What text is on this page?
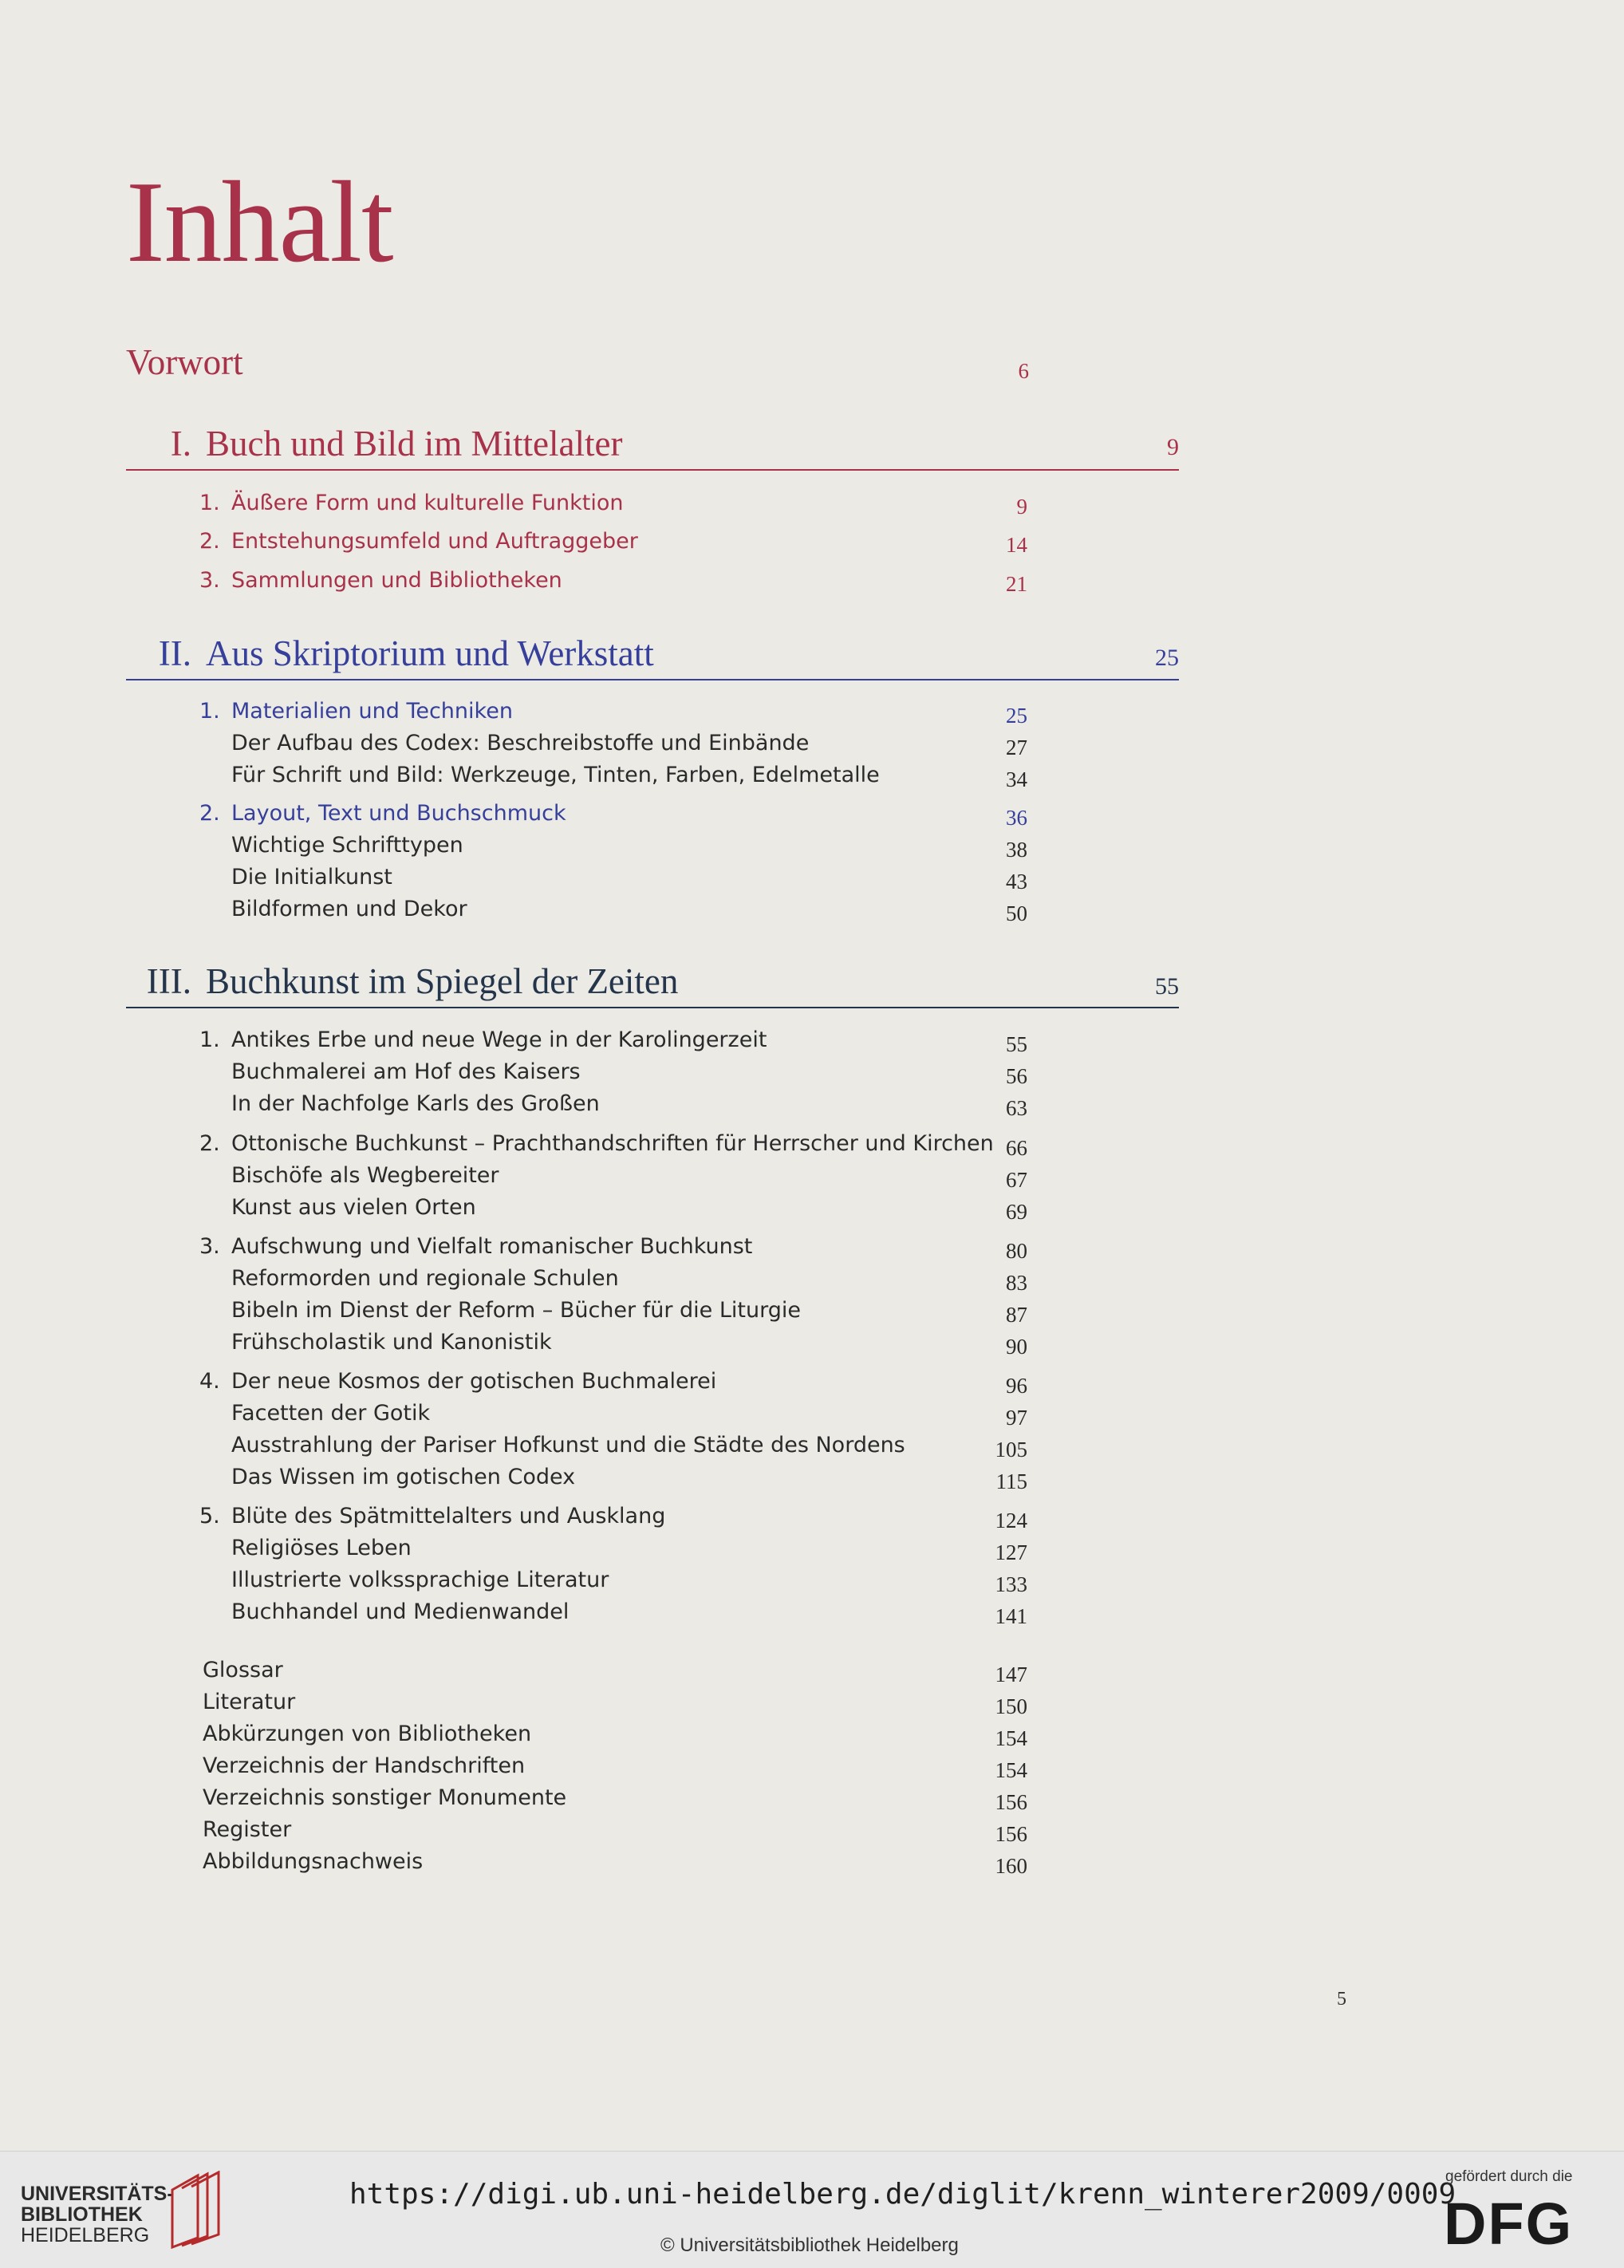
Inhalt
Vorwort	6
I. Buch und Bild im Mittelalter	9
1. Äußere Form und kulturelle Funktion	9
2. Entstehungsumfeld und Auftraggeber	14
3. Sammlungen und Bibliotheken	21
II. Aus Skriptorium und Werkstatt	25
1. Materialien und Techniken	25
Der Aufbau des Codex: Beschreibstoffe und Einbände	27
Für Schrift und Bild: Werkzeuge, Tinten, Farben, Edelmetalle	34
2. Layout, Text und Buchschmuck	36
Wichtige Schrifttypen	38
Die Initialkunst	43
Bildformen und Dekor	50
III. Buchkunst im Spiegel der Zeiten	55
1. Antikes Erbe und neue Wege in der Karolingerzeit	55
Buchmalerei am Hof des Kaisers	56
In der Nachfolge Karls des Großen	63
2. Ottonische Buchkunst – Prachthandschriften für Herrscher und Kirchen 66
Bischöfe als Wegbereiter	67
Kunst aus vielen Orten	69
3. Aufschwung und Vielfalt romanischer Buchkunst	80
Reformorden und regionale Schulen	83
Bibeln im Dienst der Reform – Bücher für die Liturgie	87
Frühscholastik und Kanonistik	90
4. Der neue Kosmos der gotischen Buchmalerei	96
Facetten der Gotik	97
Ausstrahlung der Pariser Hofkunst und die Städte des Nordens	105
Das Wissen im gotischen Codex	115
5. Blüte des Spätmittelalters und Ausklang	124
Religiöses Leben	127
Illustrierte volkssprachige Literatur	133
Buchhandel und Medienwandel	141
Glossar	147
Literatur	150
Abkürzungen von Bibliotheken	154
Verzeichnis der Handschriften	154
Verzeichnis sonstiger Monumente	156
Register	156
Abbildungsnachweis	160
5
UNIVERSITÄTS-
BIBLIOTHEK
HEIDELBERG
https://digi.ub.uni-heidelberg.de/diglit/krenn_winterer2009/0009
© Universitätsbibliothek Heidelberg
gefördert durch die
DFG
